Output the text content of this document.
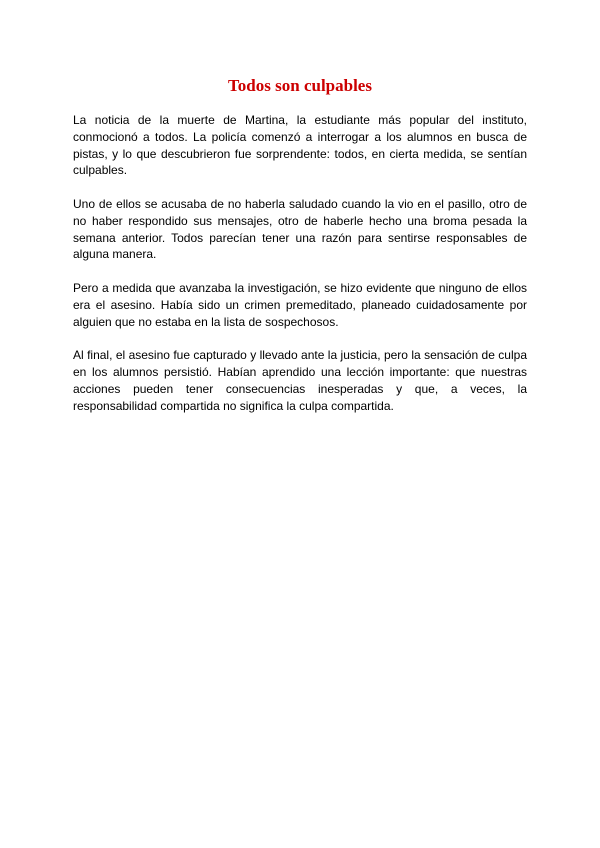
Todos son culpables

La noticia de la muerte de Martina, la estudiante más popular del instituto, conmocionó a todos. La policía comenzó a interrogar a los alumnos en busca de pistas, y lo que descubrieron fue sorprendente: todos, en cierta medida, se sentían culpables.

Uno de ellos se acusaba de no haberla saludado cuando la vio en el pasillo, otro de no haber respondido sus mensajes, otro de haberle hecho una broma pesada la semana anterior. Todos parecían tener una razón para sentirse responsables de alguna manera.

Pero a medida que avanzaba la investigación, se hizo evidente que ninguno de ellos era el asesino. Había sido un crimen premeditado, planeado cuidadosamente por alguien que no estaba en la lista de sospechosos.

Al final, el asesino fue capturado y llevado ante la justicia, pero la sensación de culpa en los alumnos persistió. Habían aprendido una lección importante: que nuestras acciones pueden tener consecuencias inesperadas y que, a veces, la responsabilidad compartida no significa la culpa compartida.
